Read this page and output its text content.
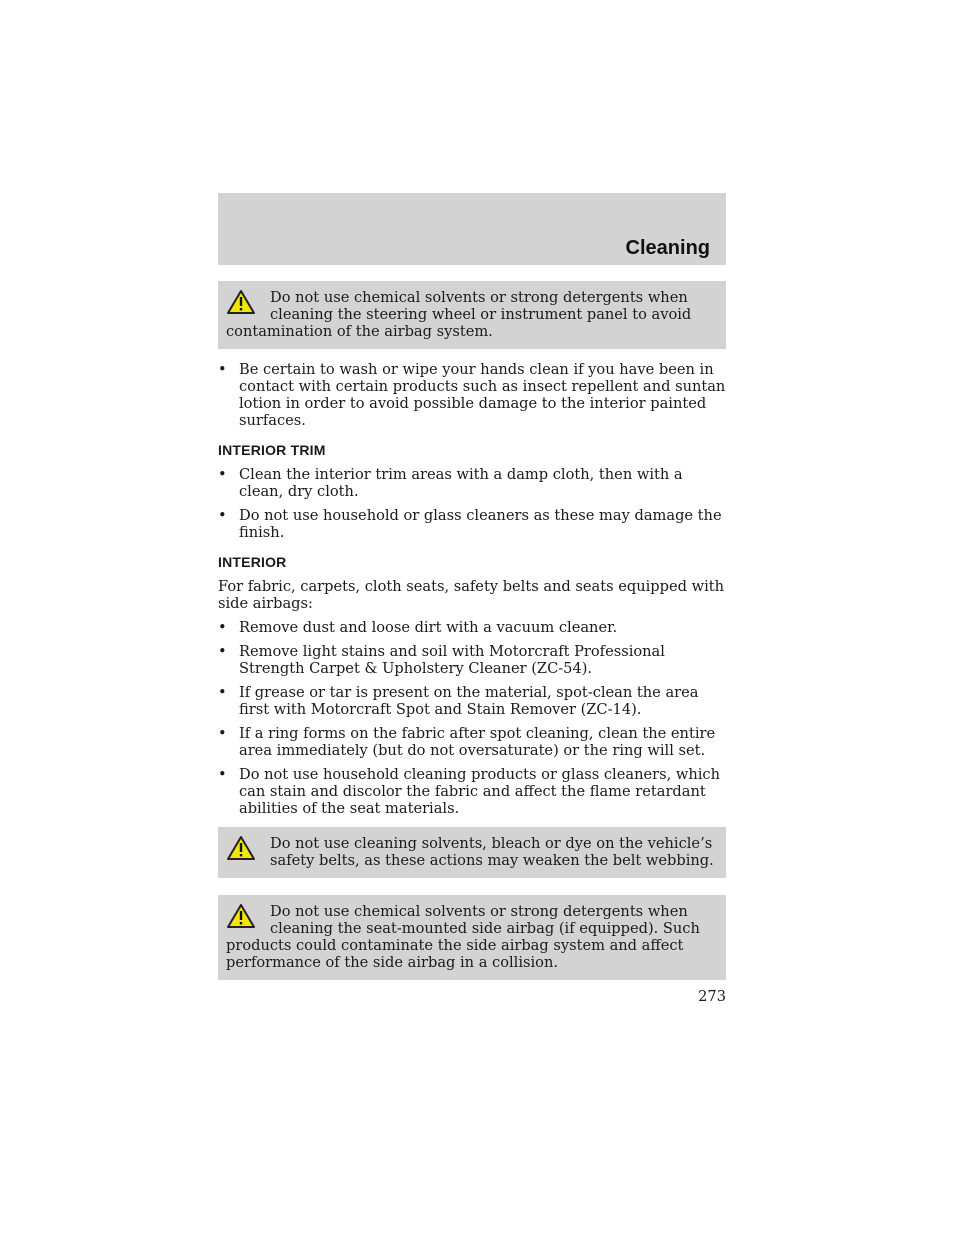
Cleaning

Do not use chemical solvents or strong detergents when cleaning the steering wheel or instrument panel to avoid contamination of the airbag system.

• Be certain to wash or wipe your hands clean if you have been in contact with certain products such as insect repellent and suntan lotion in order to avoid possible damage to the interior painted surfaces.
INTERIOR TRIM
• Clean the interior trim areas with a damp cloth, then with a clean, dry cloth.
• Do not use household or glass cleaners as these may damage the finish.
INTERIOR

For fabric, carpets, cloth seats, safety belts and seats equipped with side airbags:

• Remove dust and loose dirt with a vacuum cleaner.
• Remove light stains and soil with Motorcraft Professional Strength Carpet & Upholstery Cleaner (ZC-54).
• If grease or tar is present on the material, spot-clean the area first with Motorcraft Spot and Stain Remover (ZC-14).
• If a ring forms on the fabric after spot cleaning, clean the entire area immediately (but do not oversaturate) or the ring will set.
• Do not use household cleaning products or glass cleaners, which can stain and discolor the fabric and affect the flame retardant abilities of the seat materials.

Do not use cleaning solvents, bleach or dye on the vehicle’s safety belts, as these actions may weaken the belt webbing.

Do not use chemical solvents or strong detergents when cleaning the seat-mounted side airbag (if equipped). Such products could contaminate the side airbag system and affect performance of the side airbag in a collision.

273
